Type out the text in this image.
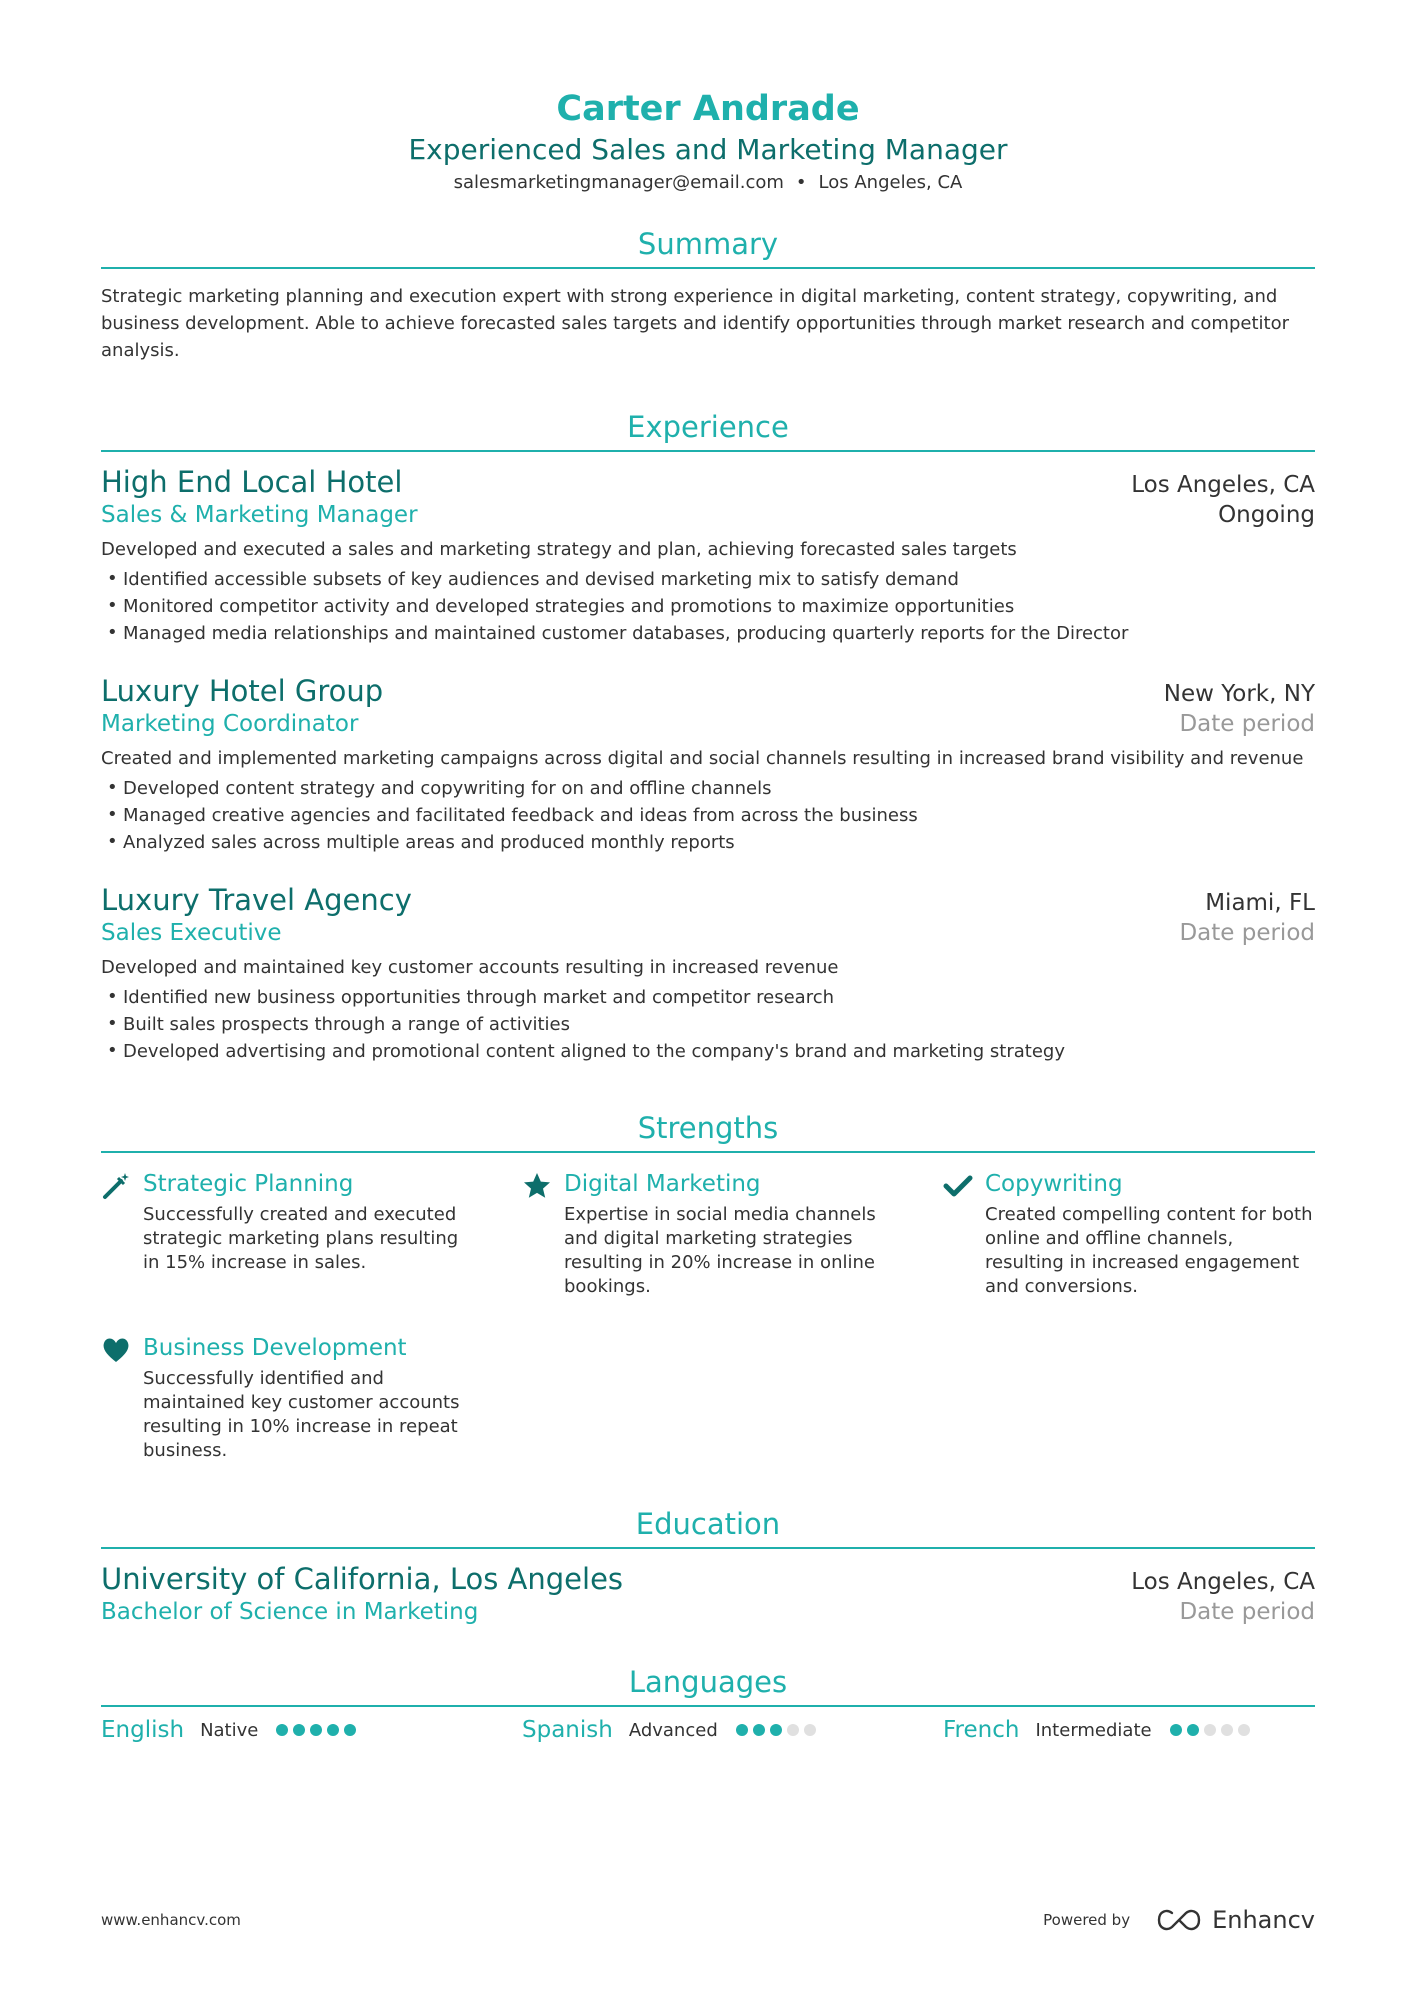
Carter Andrade
Experienced Sales and Marketing Manager
salesmarketingmanager@email.com • Los Angeles, CA
Summary
Strategic marketing planning and execution expert with strong experience in digital marketing, content strategy, copywriting, and business development. Able to achieve forecasted sales targets and identify opportunities through market research and competitor analysis.
Experience
High End Local Hotel	Los Angeles, CA
Sales & Marketing Manager	Ongoing
Developed and executed a sales and marketing strategy and plan, achieving forecasted sales targets
• Identified accessible subsets of key audiences and devised marketing mix to satisfy demand
• Monitored competitor activity and developed strategies and promotions to maximize opportunities
• Managed media relationships and maintained customer databases, producing quarterly reports for the Director
Luxury Hotel Group	New York, NY
Marketing Coordinator	Date period
Created and implemented marketing campaigns across digital and social channels resulting in increased brand visibility and revenue
• Developed content strategy and copywriting for on and offline channels
• Managed creative agencies and facilitated feedback and ideas from across the business
• Analyzed sales across multiple areas and produced monthly reports
Luxury Travel Agency	Miami, FL
Sales Executive	Date period
Developed and maintained key customer accounts resulting in increased revenue
• Identified new business opportunities through market and competitor research
• Built sales prospects through a range of activities
• Developed advertising and promotional content aligned to the company's brand and marketing strategy
Strengths
Strategic Planning
Successfully created and executed strategic marketing plans resulting in 15% increase in sales.
Digital Marketing
Expertise in social media channels and digital marketing strategies resulting in 20% increase in online bookings.
Copywriting
Created compelling content for both online and offline channels, resulting in increased engagement and conversions.
Business Development
Successfully identified and maintained key customer accounts resulting in 10% increase in repeat business.
Education
University of California, Los Angeles	Los Angeles, CA
Bachelor of Science in Marketing	Date period
Languages
English Native	Spanish Advanced	French Intermediate
www.enhancv.com	Powered by	Enhancv
